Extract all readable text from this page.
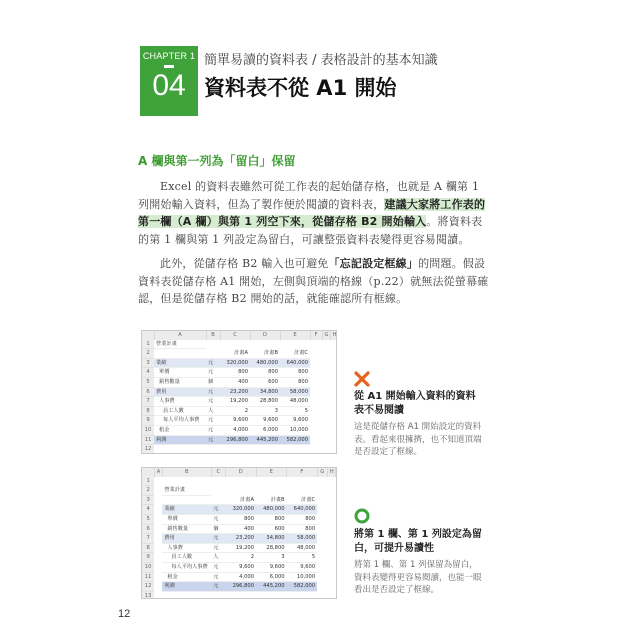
CHAPTER 1
04
簡單易讀的資料表 / 表格設計的基本知識
資料表不從 A1 開始
A 欄與第一列為「留白」保留
Excel 的資料表雖然可從工作表的起始儲存格，也就是 A 欄第 1 列開始輸入資料，但為了製作便於閱讀的資料表，建議大家將工作表的第一欄（A 欄）與第 1 列空下來，從儲存格 B2 開始輸入。將資料表的第 1 欄與第 1 列設定為留白，可讓整張資料表變得更容易閱讀。
此外，從儲存格 B2 輸入也可避免「忘記設定框線」的問題。假設資料表從儲存格 A1 開始，左側與頂端的格線（p.22）就無法從螢幕確認，但是從儲存格 B2 開始的話，就能確認所有框線。
	A	B	C	D	E	F	G	H
1	營業計畫							
2			計畫A	計畫B	計畫C			
3	業績	元	320,000	480,000	640,000			
4	單價	元	800	800	800			
5	銷售數量	個	400	600	800			
6	費用	元	23,200	34,800	58,000			
7	人事費	元	19,200	28,800	48,000			
8	員工人數	人	2	3	5			
9	每人平均人事費	元	9,600	9,600	9,600			
10	租金	元	4,000	6,000	10,000			
11	利潤	元	296,800	445,200	582,000			
12								
	A	B	C	D	E	F	G	H
1								
2		營業計畫						
3				計畫A	計畫B	計畫C		
4		業績	元	320,000	480,000	640,000		
5		單價	元	800	800	800		
6		銷售數量	個	400	600	800		
7		費用	元	23,200	34,800	58,000		
8		人事費	元	19,200	28,800	48,000		
9		員工人數	人	2	3	5		
10		每人平均人事費	元	9,600	9,600	9,600		
11		租金	元	4,000	6,000	10,000		
12		利潤	元	296,800	445,200	582,000		
13								
從 A1 開始輸入資料的資料表不易閱讀
這是從儲存格 A1 開始設定的資料表。看起來很擁擠，也不知道頂端是否設定了框線。
將第 1 欄、第 1 列設定為留白，可提升易讀性
將第 1 欄、第 1 列保留為留白，資料表變得更容易閱讀，也能一眼看出是否設定了框線。
12
